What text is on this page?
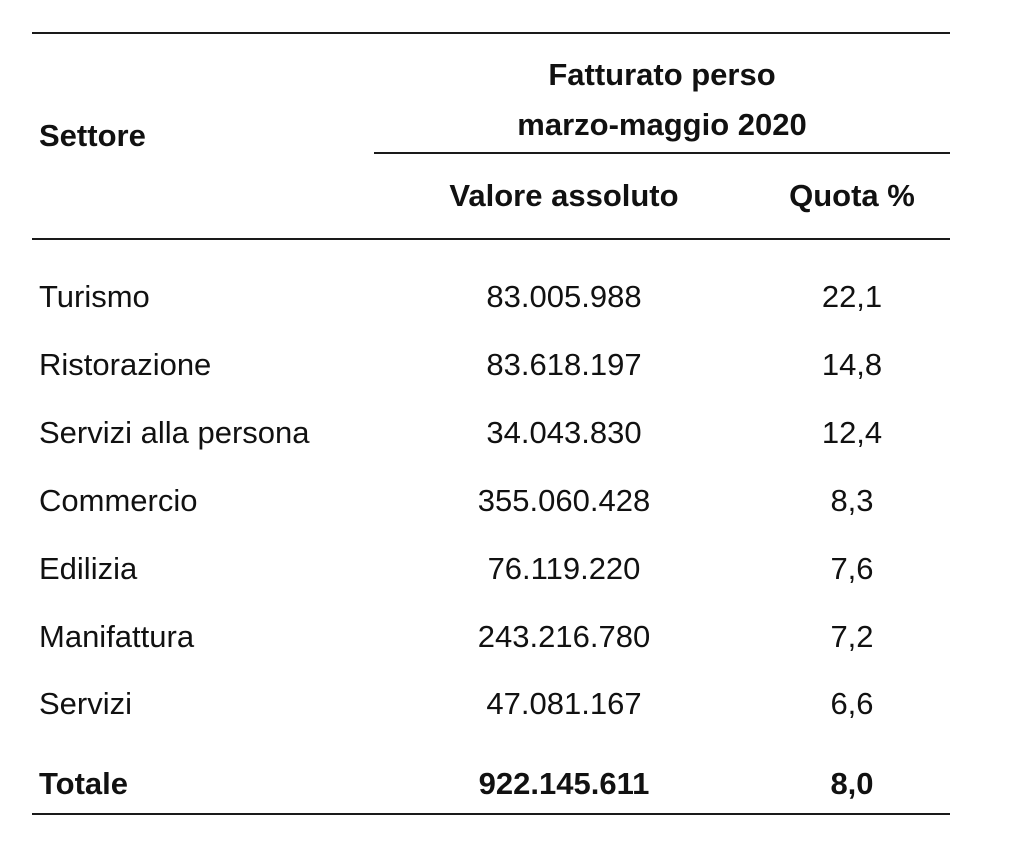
Settore
Fatturato perso
marzo-maggio 2020
Valore assoluto	Quota %
Turismo	83.005.988	22,1
Ristorazione	83.618.197	14,8
Servizi alla persona	34.043.830	12,4
Commercio	355.060.428	8,3
Edilizia	76.119.220	7,6
Manifattura	243.216.780	7,2
Servizi	47.081.167	6,6
Totale	922.145.611	8,0
